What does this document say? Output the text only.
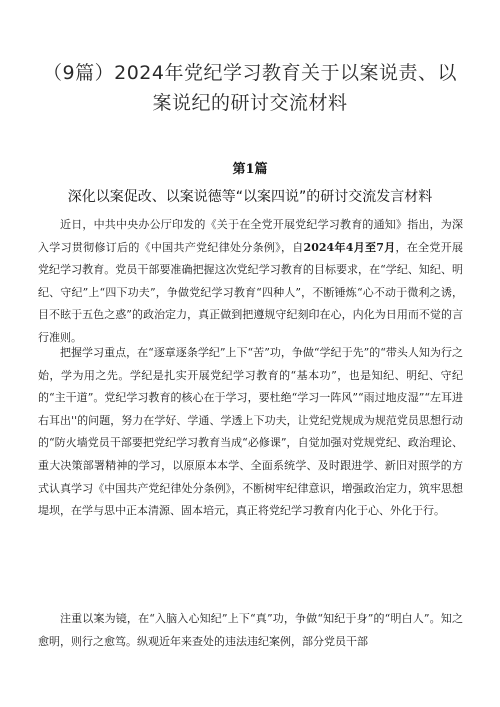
（9篇）2024年党纪学习教育关于以案说责、以案说纪的研讨交流材料
第1篇
深化以案促改、以案说德等“以案四说”的研讨交流发言材料

近日，中共中央办公厅印发的《关于在全党开展党纪学习教育的通知》指出，为深入学习贯彻修订后的《中国共产党纪律处分条例》，自2024年4月至7月，在全党开展党纪学习教育。党员干部要准确把握这次党纪学习教育的目标要求，在“学纪、知纪、明纪、守纪”上“四下功夫”，争做党纪学习教育“四种人”，不断锤炼“心不动于微利之诱，目不眩于五色之惑”的政治定力，真正做到把遵规守纪刻印在心，内化为日用而不觉的言行准则。

把握学习重点，在“逐章逐条学纪”上下“苦”功，争做“学纪于先”的“带头人知为行之始，学为用之先。学纪是扎实开展党纪学习教育的“基本功”，也是知纪、明纪、守纪的“主干道”。党纪学习教育的核心在于学习，要杜绝“学习一阵风”“雨过地皮湿”“左耳进右耳出''的问题，努力在学好、学通、学透上下功夫，让党纪党规成为规范党员思想行动的“防火墙党员干部要把党纪学习教育当成“必修课”，自觉加强对党规党纪、政治理论、重大决策部署精神的学习，以原原本本学、全面系统学、及时跟进学、新旧对照学的方式认真学习《中国共产党纪律处分条例》，不断树牢纪律意识，增强政治定力，筑牢思想堤坝，在学与思中正本清源、固本培元，真正将党纪学习教育内化于心、外化于行。

注重以案为镜，在“入脑入心知纪”上下“真”功，争做“知纪于身”的“明白人”。知之愈明，则行之愈笃。纵观近年来查处的违法违纪案例，部分党员干部
